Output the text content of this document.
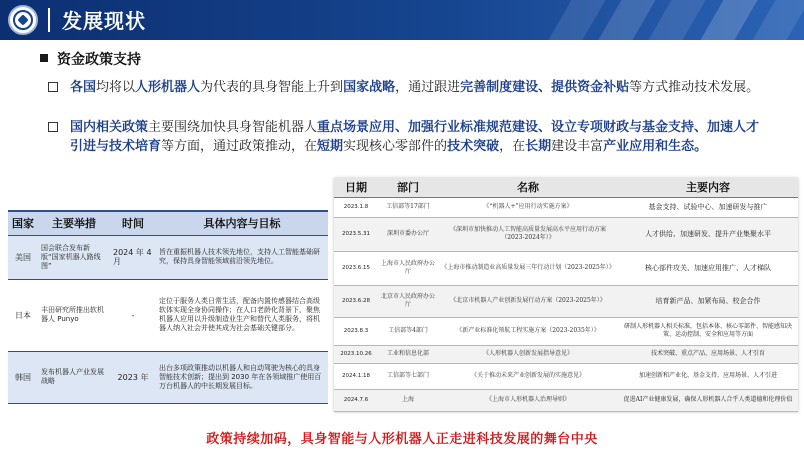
发展现状
资金政策支持
各国均将以人形机器人为代表的具身智能上升到国家战略，通过跟进完善制度建设、提供资金补贴等方式推动技术发展。
国内相关政策主要围绕加快具身智能机器人重点场景应用、加强行业标准规范建设、设立专项财政与基金支持、加速人才引进与技术培育等方面，通过政策推动，在短期实现核心零部件的技术突破，在长期建设丰富产业应用和生态。
国家	主要举措	时间	具体内容与目标
美国	国会联合发布新版“国家机器人路线图”	2024 年 4 月	旨在重振机器人技术领先地位，支持人工智能基础研究，保持具身智能领域前沿领先地位。
日本	丰田研究所推出软机器人 Punyo	-	定位于服务人类日常生活，配备内置传感器结合高级软体实现全身协同操作；在人口老龄化背景下，聚焦机器人应用以升级制造业生产和替代人类服务，将机器人纳入社会并使其成为社会基础关键部分。
韩国	发布机器人产业发展战略	2023 年	出台多项政策推动以机器人和自动驾驶为核心的具身智能技术创新；提出到 2030 年在各领域推广使用百万台机器人的中长期发展目标。
日期	部门	名称	主要内容
2023.1.8	工信部等17部门	《“机器人+”应用行动实施方案》	基金支持、试验中心、加速研发与推广
2023.5.31	深圳市委办公厅	《深圳市加快推动人工智能高质量发展高水平应用行动方案（2023-2024年）》	人才供给、加速研发、提升产业集聚水平
2023.6.15	上海市人民政府办公厅	《上海市推动制造业高质量发展三年行动计划（2023-2025年）》	核心部件攻关、加速应用推广、人才梯队
2023.6.28	北京市人民政府办公厅	《北京市机器人产业创新发展行动方案（2023-2025年）》	培育新产品、加紧布局、校企合作
2023.8.3	工信部等4部门	《新产业标准化领航工程实施方案（2023-2035年）》	研制人形机器人相关标准，包括本体、核心零部件、智能感知决策、运动控制、安全和应用等方面
2023.10.26	工业和信息化部	《人形机器人创新发展指导意见》	技术突破、重点产品、应用场景、人才引育
2024.1.18	工信部等七部门	《关于推动未来产业创新发展的实施意见》	加速创新和产业化、基金支持、应用场景、人才引进
2024.7.6	上海	《上海市人形机器人治理导则》	促进AI产业健康发展，确保人形机器人合乎人类道德和伦理价值
政策持续加码，具身智能与人形机器人正走进科技发展的舞台中央
